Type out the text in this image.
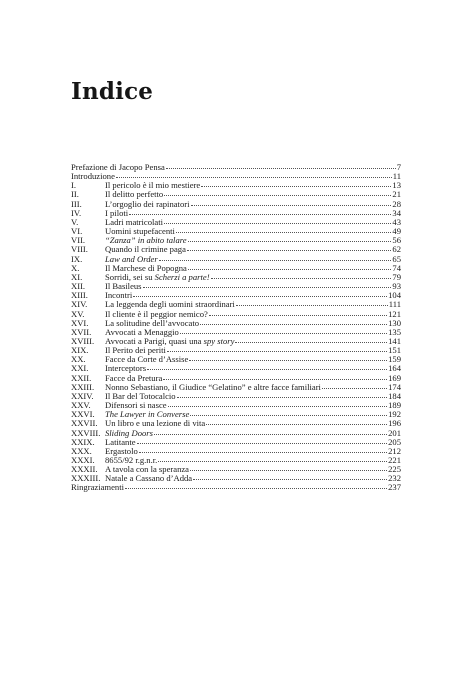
Indice
Prefazione di Jacopo Pensa	7
Introduzione	11
I.	Il pericolo è il mio mestiere	13
II.	Il delitto perfetto	21
III.	L’orgoglio dei rapinatori	28
IV.	I piloti	34
V.	Ladri matricolati	43
VI.	Uomini stupefacenti	49
VII.	“Zanza” in abito talare	56
VIII.	Quando il crimine paga	62
IX.	Law and Order	65
X.	Il Marchese di Popogna	74
XI.	Sorridi, sei su Scherzi a parte!	79
XII.	Il Basileus	93
XIII.	Incontri	104
XIV.	La leggenda degli uomini straordinari	111
XV.	Il cliente è il peggior nemico?	121
XVI.	La solitudine dell’avvocato	130
XVII.	Avvocati a Menaggio	135
XVIII.	Avvocati a Parigi, quasi una spy story	141
XIX.	Il Perito dei periti	151
XX.	Facce da Corte d’Assise	159
XXI.	Interceptors	164
XXII.	Facce da Pretura	169
XXIII.	Nonno Sebastiano, il Giudice “Gelatino” e altre facce familiari	174
XXIV.	Il Bar del Totocalcio	184
XXV.	Difensori si nasce	189
XXVI.	The Lawyer in Converse	192
XXVII. Un libro e una lezione di vita	196
XXVIII. Sliding Doors	201
XXIX.	Latitante	205
XXX.	Ergastolo	212
XXXI.	8655/92 r.g.n.r.	221
XXXII. A tavola con la speranza	225
XXXIII. Natale a Cassano d’Adda	232
Ringraziamenti	237
